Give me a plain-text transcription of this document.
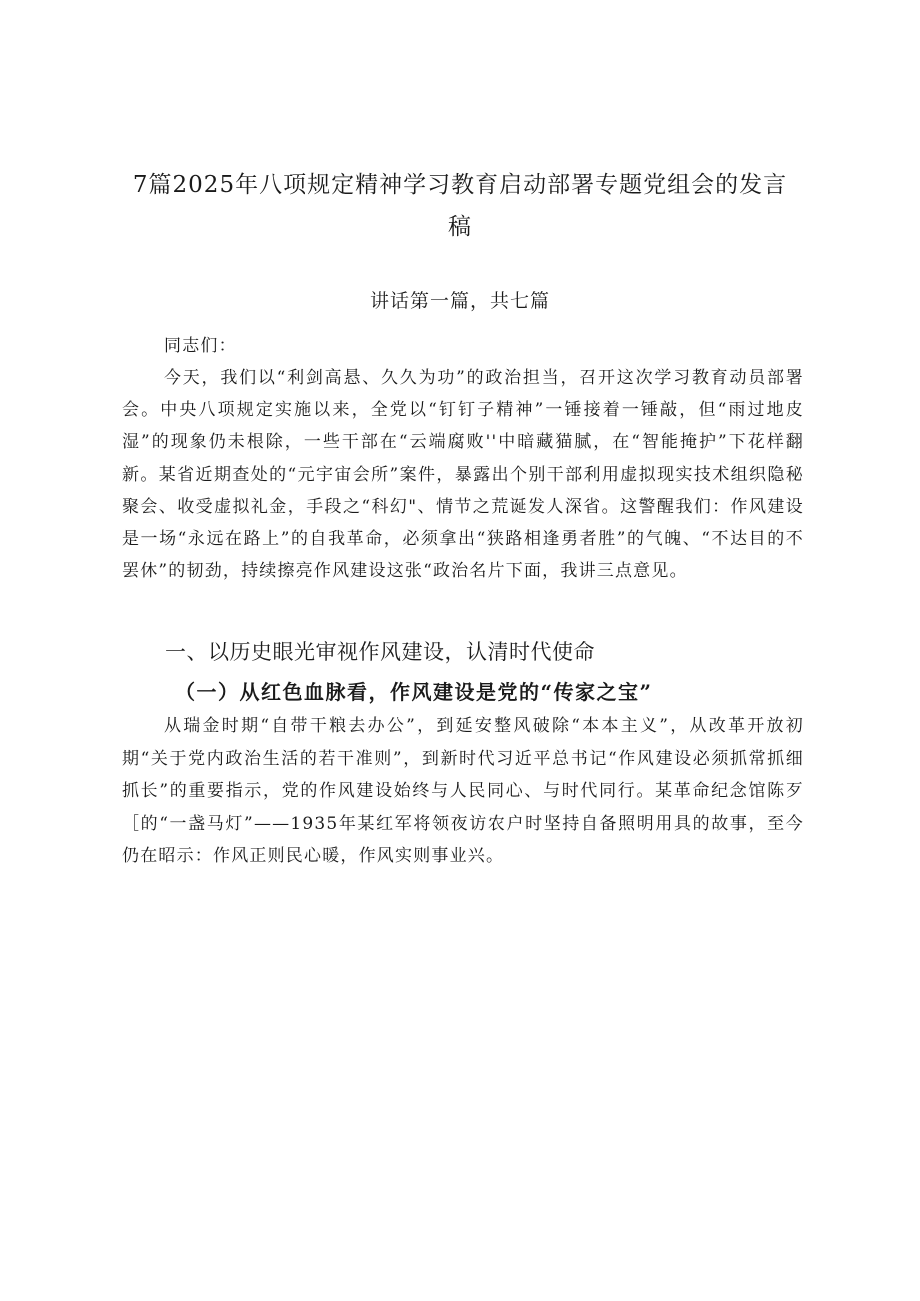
7篇2025年八项规定精神学习教育启动部署专题党组会的发言
稿
讲话第一篇，共七篇

同志们：

今天，我们以“利剑高悬、久久为功”的政治担当，召开这次学习教育动员部署会。中央八项规定实施以来，全党以“钉钉子精神”一锤接着一锤敲，但“雨过地皮湿”的现象仍未根除，一些干部在“云端腐败''中暗藏猫腻，在“智能掩护”下花样翻新。某省近期查处的“元宇宙会所”案件，暴露出个别干部利用虚拟现实技术组织隐秘聚会、收受虚拟礼金，手段之“科幻"、情节之荒诞发人深省。这警醒我们：作风建设是一场“永远在路上”的自我革命，必须拿出“狭路相逢勇者胜”的气魄、“不达目的不罢休”的韧劲，持续擦亮作风建设这张“政治名片下面，我讲三点意见。

一、以历史眼光审视作风建设，认清时代使命
（一）从红色血脉看，作风建设是党的“传家之宝”

从瑞金时期“自带干粮去办公”，到延安整风破除“本本主义”，从改革开放初期“关于党内政治生活的若干准则”，到新时代习近平总书记“作风建设必须抓常抓细抓长”的重要指示，党的作风建设始终与人民同心、与时代同行。某革命纪念馆陈歹［的“一盏马灯”——1935年某红军将领夜访农户时坚持自备照明用具的故事，至今仍在昭示：作风正则民心暖，作风实则事业兴。
